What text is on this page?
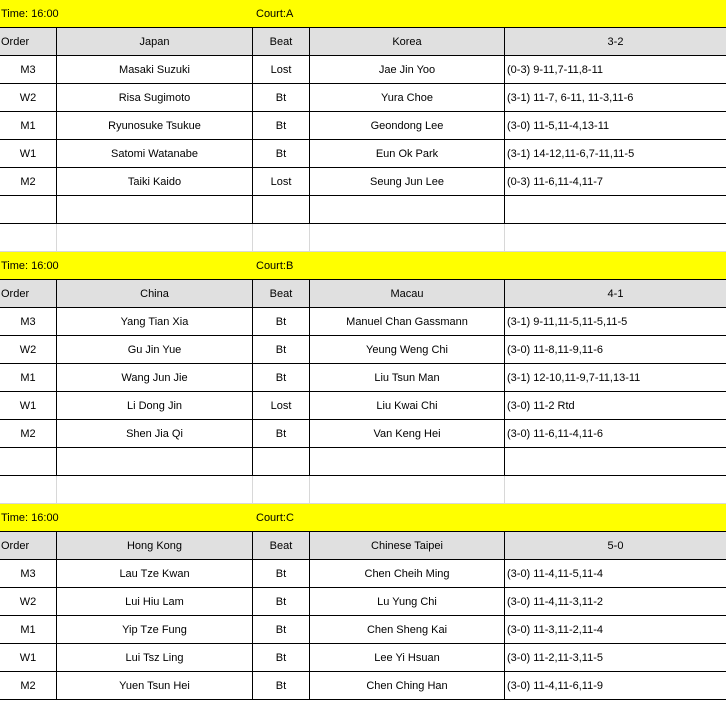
Time: 16:00	Court:A
Order	Japan	Beat	Korea	3-2
M3	Masaki Suzuki	Lost	Jae Jin Yoo	(0-3) 9-11,7-11,8-11
W2	Risa Sugimoto	Bt	Yura Choe	(3-1) 11-7, 6-11, 11-3,11-6
M1	Ryunosuke Tsukue	Bt	Geondong Lee	(3-0) 11-5,11-4,13-11
W1	Satomi Watanabe	Bt	Eun Ok Park	(3-1) 14-12,11-6,7-11,11-5
M2	Taiki Kaido	Lost	Seung Jun Lee	(0-3) 11-6,11-4,11-7
Time: 16:00	Court:B
Order	China	Beat	Macau	4-1
M3	Yang Tian Xia	Bt	Manuel Chan Gassmann	(3-1) 9-11,11-5,11-5,11-5
W2	Gu Jin Yue	Bt	Yeung Weng Chi	(3-0) 11-8,11-9,11-6
M1	Wang Jun Jie	Bt	Liu Tsun Man	(3-1) 12-10,11-9,7-11,13-11
W1	Li Dong Jin	Lost	Liu Kwai Chi	(3-0) 11-2 Rtd
M2	Shen Jia Qi	Bt	Van Keng Hei	(3-0) 11-6,11-4,11-6
Time: 16:00	Court:C
Order	Hong Kong	Beat	Chinese Taipei	5-0
M3	Lau Tze Kwan	Bt	Chen Cheih Ming	(3-0) 11-4,11-5,11-4
W2	Lui Hiu Lam	Bt	Lu Yung Chi	(3-0) 11-4,11-3,11-2
M1	Yip Tze Fung	Bt	Chen Sheng Kai	(3-0) 11-3,11-2,11-4
W1	Lui Tsz Ling	Bt	Lee Yi Hsuan	(3-0) 11-2,11-3,11-5
M2	Yuen Tsun Hei	Bt	Chen Ching Han	(3-0) 11-4,11-6,11-9
